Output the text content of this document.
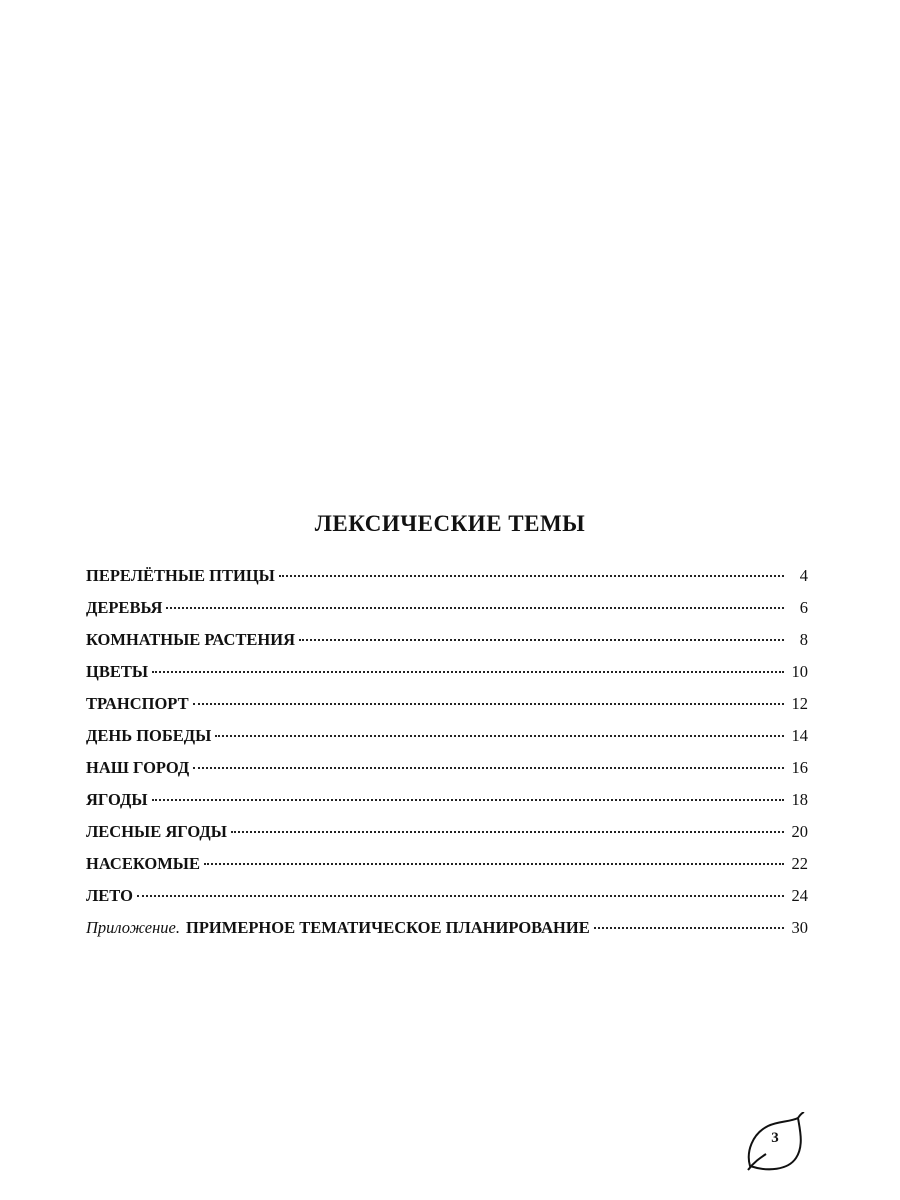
ЛЕКСИЧЕСКИЕ ТЕМЫ
ПЕРЕЛЁТНЫЕ ПТИЦЫ	4
ДЕРЕВЬЯ	6
КОМНАТНЫЕ РАСТЕНИЯ	8
ЦВЕТЫ	10
ТРАНСПОРТ	12
ДЕНЬ ПОБЕДЫ	14
НАШ ГОРОД	16
ЯГОДЫ	18
ЛЕСНЫЕ ЯГОДЫ	20
НАСЕКОМЫЕ	22
ЛЕТО	24
Приложение. ПРИМЕРНОЕ ТЕМАТИЧЕСКОЕ ПЛАНИРОВАНИЕ	30
3
